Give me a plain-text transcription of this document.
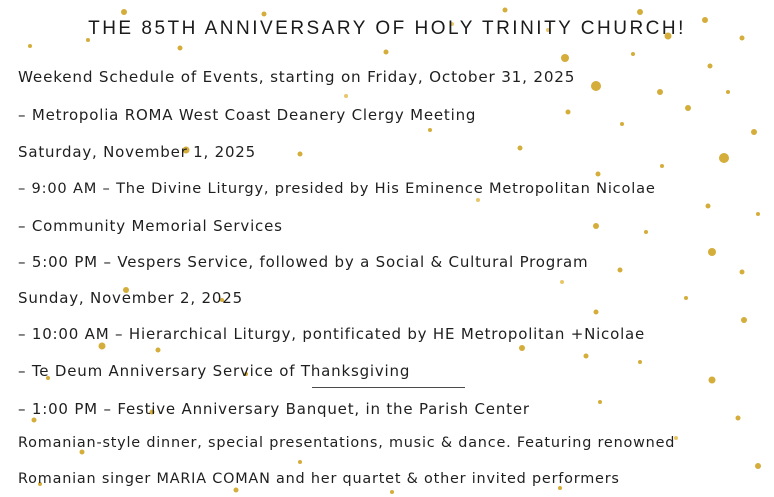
THE 85TH ANNIVERSARY OF HOLY TRINITY CHURCH!
Weekend Schedule of Events, starting on Friday, October 31, 2025
– Metropolia ROMA West Coast Deanery Clergy Meeting
Saturday, November 1, 2025
– 9:00 AM – The Divine Liturgy, presided by His Eminence Metropolitan Nicolae
– Community Memorial Services
– 5:00 PM – Vespers Service, followed by a Social & Cultural Program
Sunday, November 2, 2025
– 10:00 AM – Hierarchical Liturgy, pontificated by HE Metropolitan +Nicolae
– Te Deum Anniversary Service of Thanksgiving
– 1:00 PM – Festive Anniversary Banquet, in the Parish Center
Romanian-style dinner, special presentations, music & dance. Featuring renowned
Romanian singer MARIA COMAN and her quartet & other invited performers
